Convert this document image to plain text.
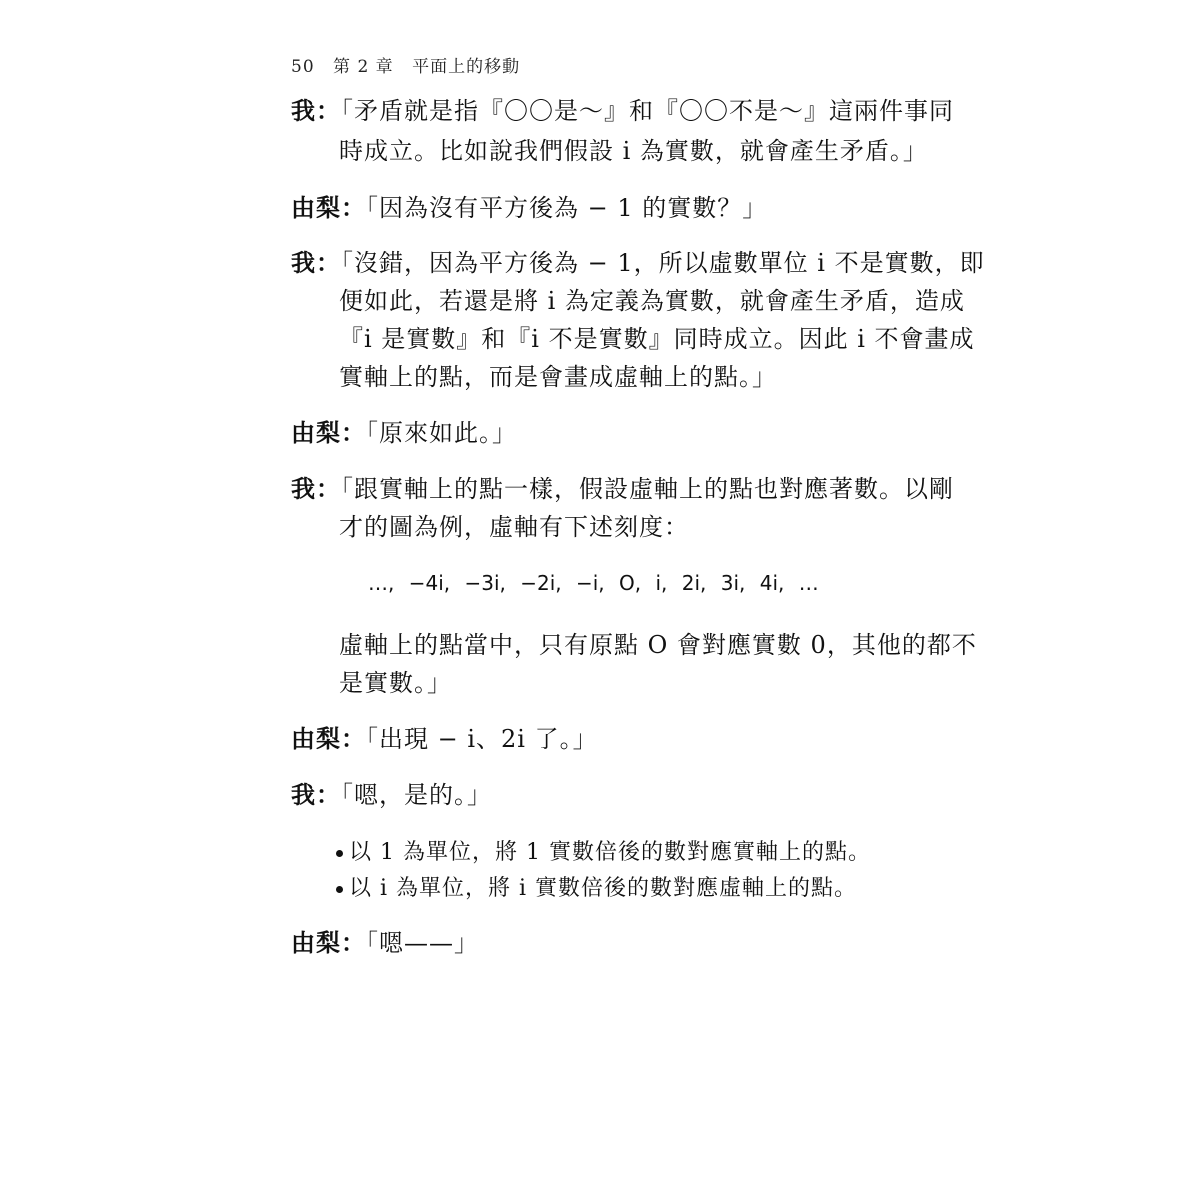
50 第 2 章 平面上的移動
我：「矛盾就是指『〇〇是～』和『〇〇不是～』這兩件事同
時成立。比如說我們假設 i 為實數，就會產生矛盾。」
由梨：「因為沒有平方後為 − 1 的實數？」
我：「沒錯，因為平方後為 − 1，所以虛數單位 i 不是實數，即
便如此，若還是將 i 為定義為實數，就會產生矛盾，造成
『i 是實數』和『i 不是實數』同時成立。因此 i 不會畫成
實軸上的點，而是會畫成虛軸上的點。」
由梨：「原來如此。」
我：「跟實軸上的點一樣，假設虛軸上的點也對應著數。以剛
才的圖為例，虛軸有下述刻度：
…, −4i, −3i, −2i, −i, O, i, 2i, 3i, 4i, …
虛軸上的點當中，只有原點 O 會對應實數 0，其他的都不
是實數。」
由梨：「出現 − i、2i 了。」
我：「嗯，是的。」
以 1 為單位，將 1 實數倍後的數對應實軸上的點。
以 i 為單位，將 i 實數倍後的數對應虛軸上的點。
由梨：「嗯——」
